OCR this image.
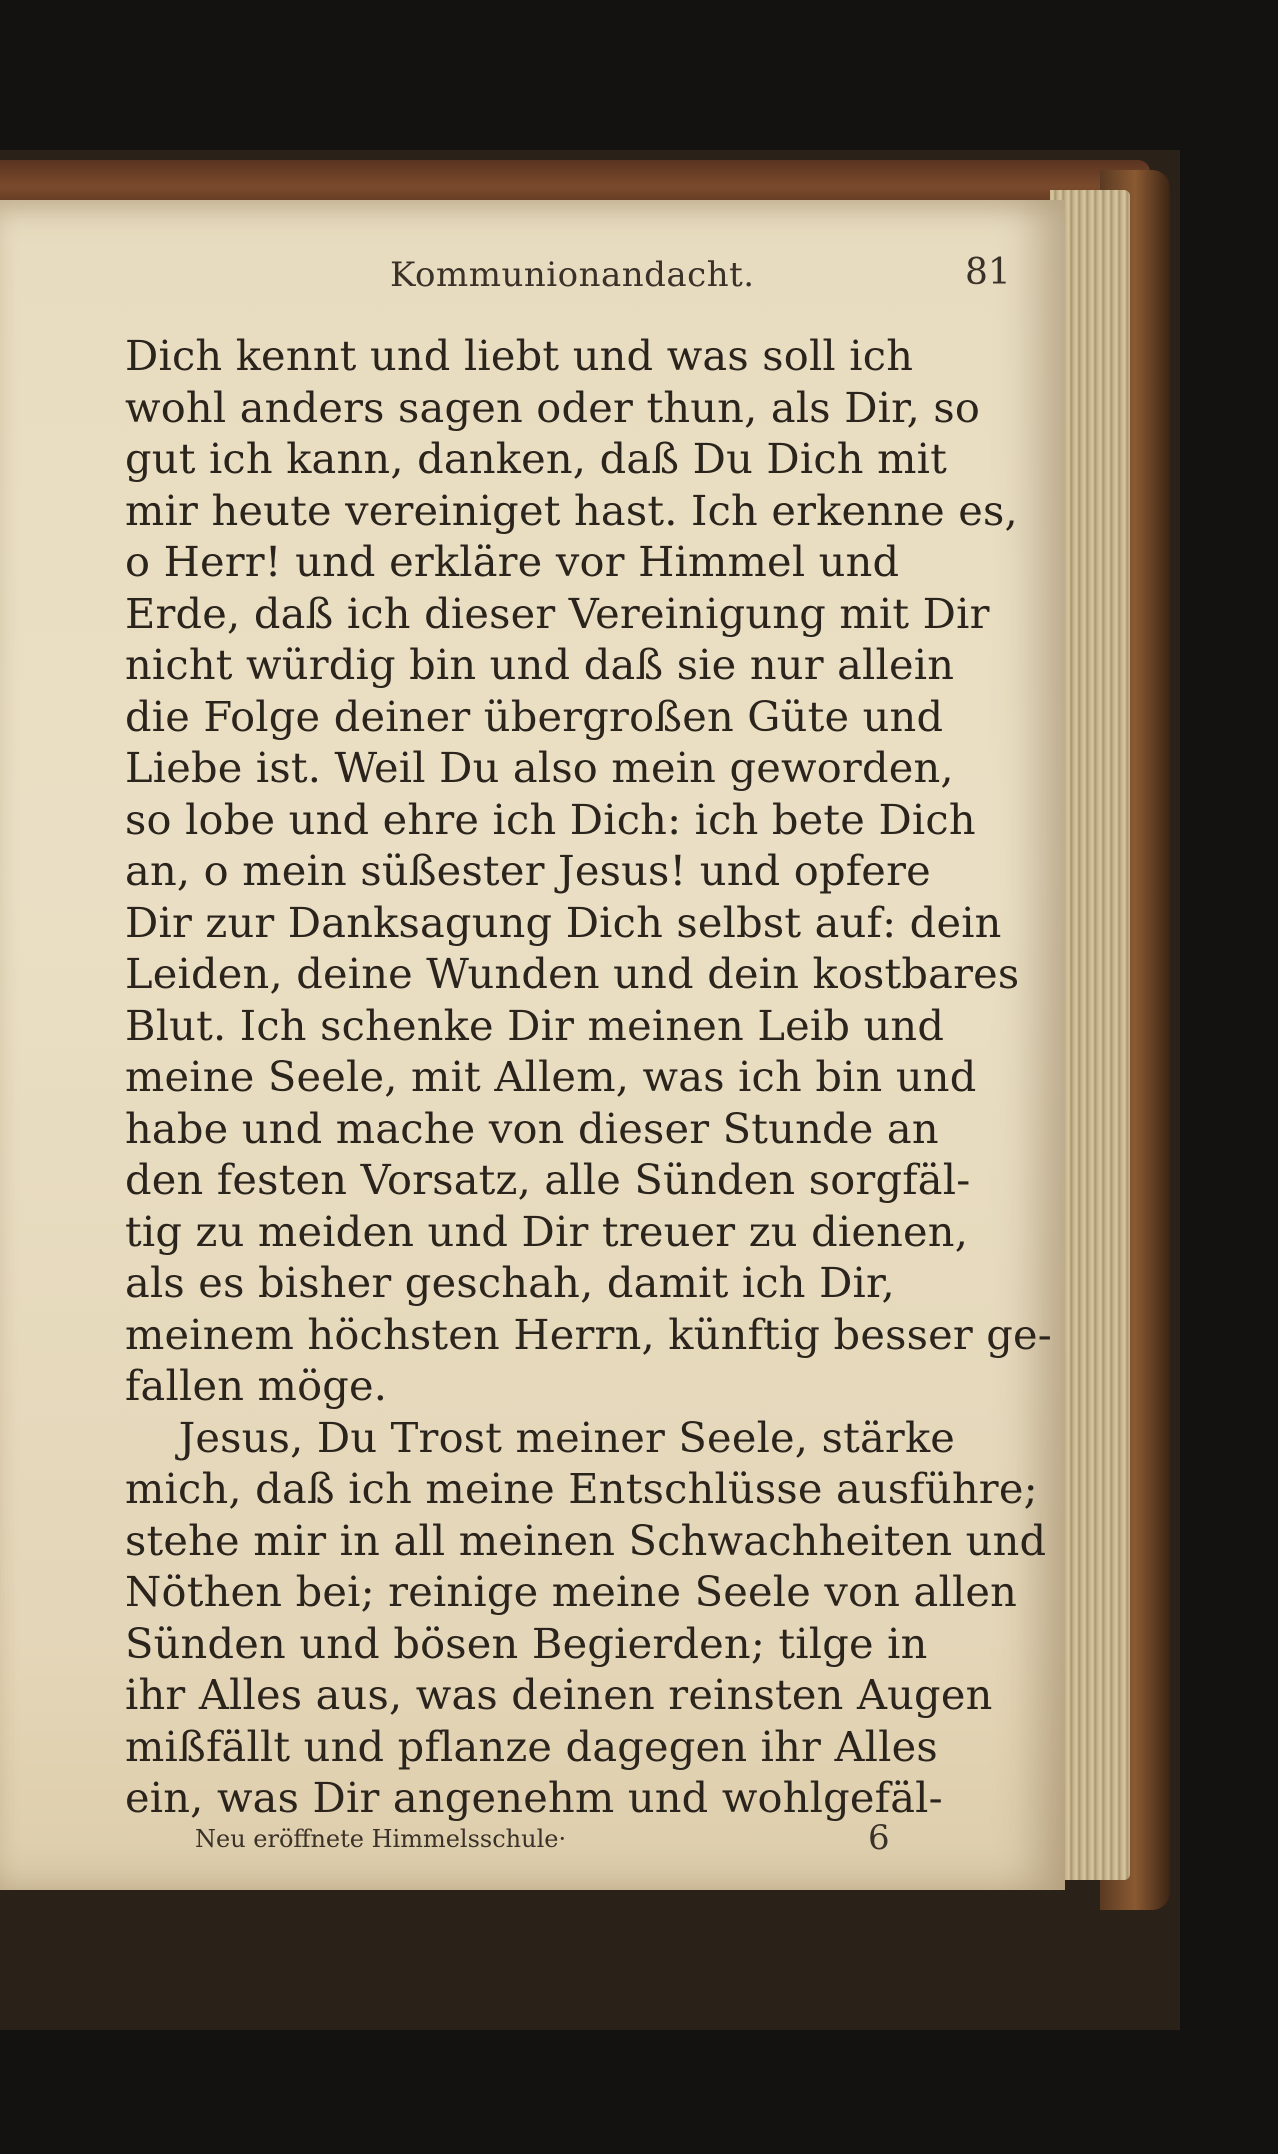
Kommunionandacht.	81
Dich kennt und liebt und was soll ich
wohl anders sagen oder thun, als Dir, so
gut ich kann, danken, daß Du Dich mit
mir heute vereiniget hast. Ich erkenne es,
o Herr! und erkläre vor Himmel und
Erde, daß ich dieser Vereinigung mit Dir
nicht würdig bin und daß sie nur allein
die Folge deiner übergroßen Güte und
Liebe ist. Weil Du also mein geworden,
so lobe und ehre ich Dich: ich bete Dich
an, o mein süßester Jesus! und opfere
Dir zur Danksagung Dich selbst auf: dein
Leiden, deine Wunden und dein kostbares
Blut. Ich schenke Dir meinen Leib und
meine Seele, mit Allem, was ich bin und
habe und mache von dieser Stunde an
den festen Vorsatz, alle Sünden sorgfäl-
tig zu meiden und Dir treuer zu dienen,
als es bisher geschah, damit ich Dir,
meinem höchsten Herrn, künftig besser ge-
fallen möge.
Jesus, Du Trost meiner Seele, stärke
mich, daß ich meine Entschlüsse ausführe;
stehe mir in all meinen Schwachheiten und
Nöthen bei; reinige meine Seele von allen
Sünden und bösen Begierden; tilge in
ihr Alles aus, was deinen reinsten Augen
mißfällt und pflanze dagegen ihr Alles
ein, was Dir angenehm und wohlgefäl-
Neu eröffnete Himmelsschule·	6
